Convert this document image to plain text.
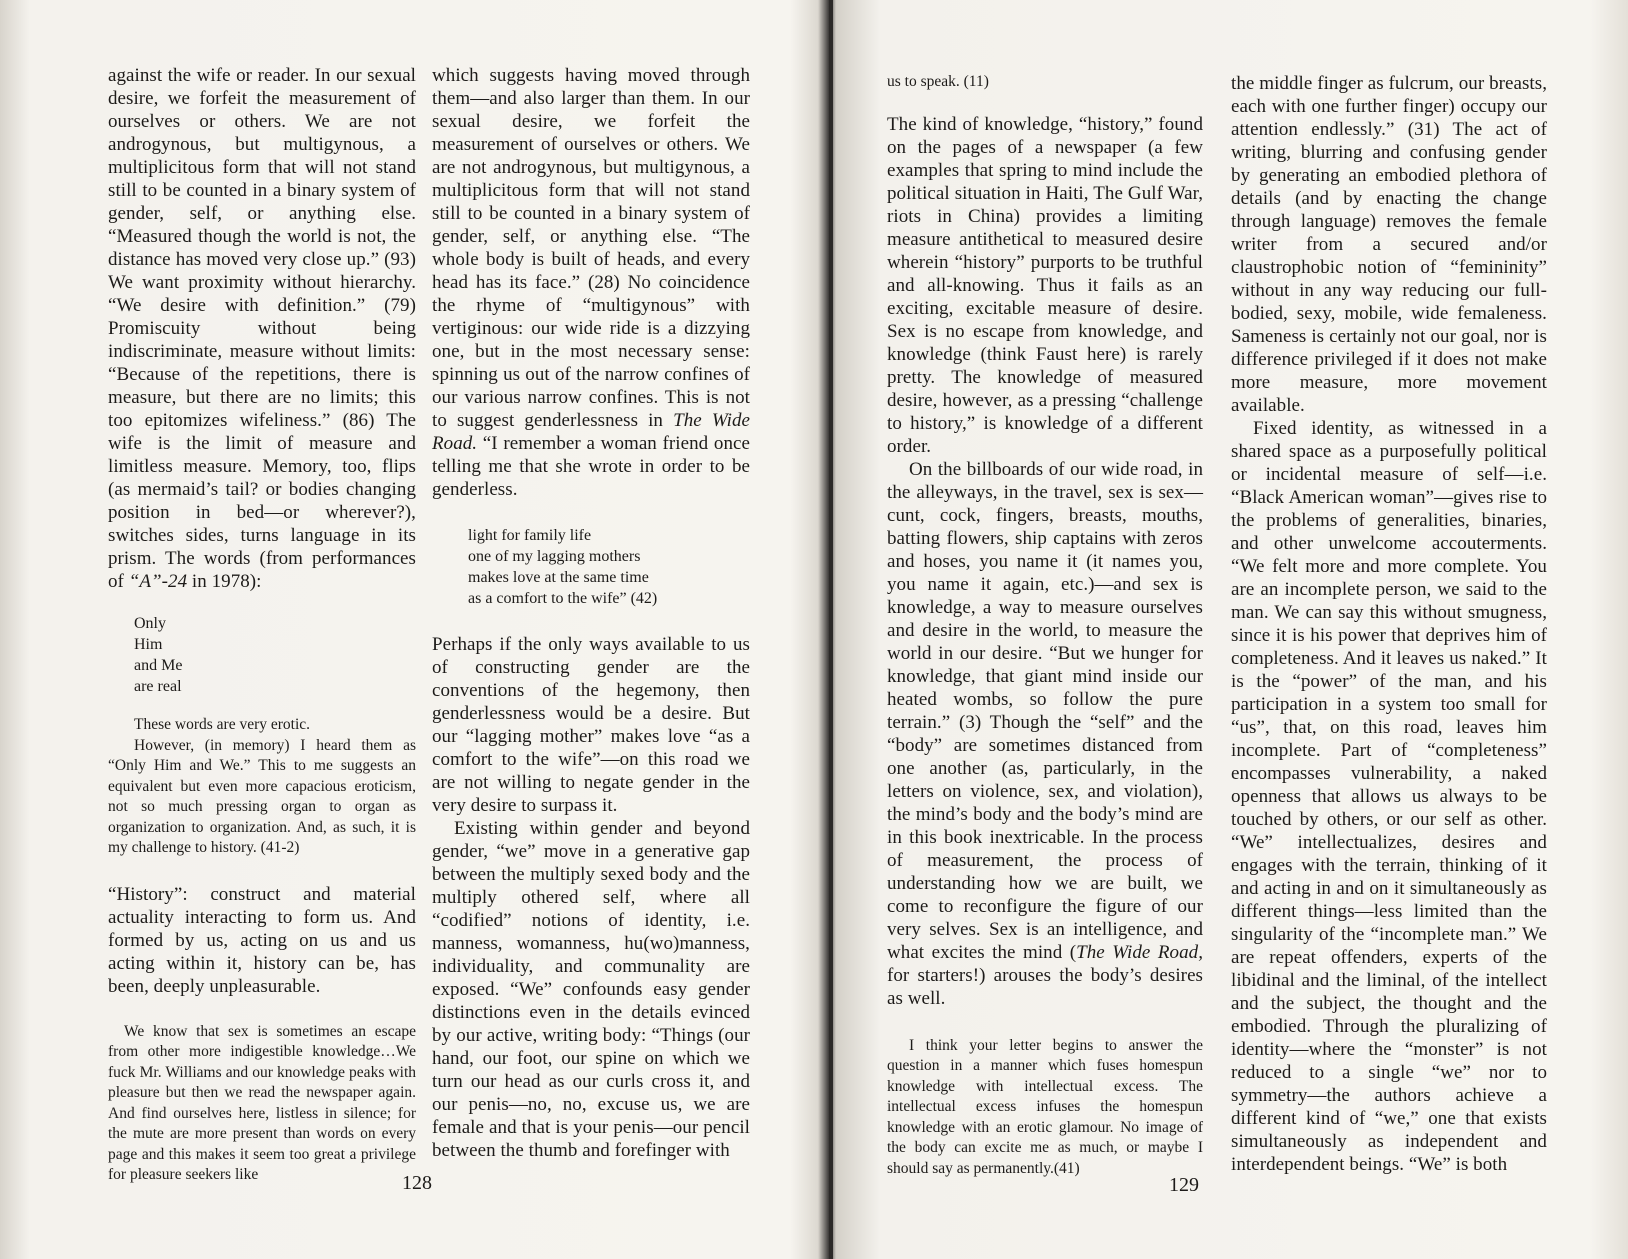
against the wife or reader. In our sexual desire, we forfeit the measurement of ourselves or others. We are not androgynous, but multigynous, a multiplicitous form that will not stand still to be counted in a binary system of gender, self, or anything else. “Measured though the world is not, the distance has moved very close up.” (93) We want proximity without hierarchy. “We desire with definition.” (79) Promiscuity without being indiscriminate, measure without limits: “Because of the repetitions, there is measure, but there are no limits; this too epitomizes wifeliness.” (86) The wife is the limit of measure and limitless measure. Memory, too, flips (as mermaid’s tail? or bodies changing position in bed—or wherever?), switches sides, turns language in its prism. The words (from performances of “A”-24 in 1978):

Only
Him
and Me
are real

These words are very erotic.

However, (in memory) I heard them as “Only Him and We.” This to me suggests an equivalent but even more capacious eroticism, not so much pressing organ to organ as organization to organization. And, as such, it is my challenge to history. (41-2)

“History”: construct and material actuality interacting to form us. And formed by us, acting on us and us acting within it, history can be, has been, deeply unpleasurable.

We know that sex is sometimes an escape from other more indigestible knowledge…We fuck Mr. Williams and our knowledge peaks with pleasure but then we read the newspaper again. And find ourselves here, listless in silence; for the mute are more present than words on every page and this makes it seem too great a privilege for pleasure seekers like

which suggests having moved through them—and also larger than them. In our sexual desire, we forfeit the measurement of ourselves or others. We are not androgynous, but multigynous, a multiplicitous form that will not stand still to be counted in a binary system of gender, self, or anything else. “The whole body is built of heads, and every head has its face.” (28) No coincidence the rhyme of “multigynous” with vertiginous: our wide ride is a dizzying one, but in the most necessary sense: spinning us out of the narrow confines of our various narrow confines. This is not to suggest genderlessness in The Wide Road. “I remember a woman friend once telling me that she wrote in order to be genderless.

light for family life
one of my lagging mothers
makes love at the same time
as a comfort to the wife” (42)

Perhaps if the only ways available to us of constructing gender are the conventions of the hegemony, then genderlessness would be a desire. But our “lagging mother” makes love “as a comfort to the wife”—on this road we are not willing to negate gender in the very desire to surpass it.

Existing within gender and beyond gender, “we” move in a generative gap between the multiply sexed body and the multiply othered self, where all “codified” notions of identity, i.e. manness, womanness, hu(wo)manness, individuality, and communality are exposed. “We” confounds easy gender distinctions even in the details evinced by our active, writing body: “Things (our hand, our foot, our spine on which we turn our head as our curls cross it, and our penis—no, no, excuse us, we are female and that is your penis—our pencil between the thumb and forefinger with

128

us to speak. (11)

The kind of knowledge, “history,” found on the pages of a newspaper (a few examples that spring to mind include the political situation in Haiti, The Gulf War, riots in China) provides a limiting measure antithetical to measured desire wherein “history” purports to be truthful and all-knowing. Thus it fails as an exciting, excitable measure of desire. Sex is no escape from knowledge, and knowledge (think Faust here) is rarely pretty. The knowledge of measured desire, however, as a pressing “challenge to history,” is knowledge of a different order.

On the billboards of our wide road, in the alleyways, in the travel, sex is sex—cunt, cock, fingers, breasts, mouths, batting flowers, ship captains with zeros and hoses, you name it (it names you, you name it again, etc.)—and sex is knowledge, a way to measure ourselves and desire in the world, to measure the world in our desire. “But we hunger for knowledge, that giant mind inside our heated wombs, so follow the pure terrain.” (3) Though the “self” and the “body” are sometimes distanced from one another (as, particularly, in the letters on violence, sex, and violation), the mind’s body and the body’s mind are in this book inextricable. In the process of measurement, the process of understanding how we are built, we come to reconfigure the figure of our very selves. Sex is an intelligence, and what excites the mind (The Wide Road, for starters!) arouses the body’s desires as well.

I think your letter begins to answer the question in a manner which fuses homespun knowledge with intellectual excess. The intellectual excess infuses the homespun knowledge with an erotic glamour. No image of the body can excite me as much, or maybe I should say as permanently.(41)

the middle finger as fulcrum, our breasts, each with one further finger) occupy our attention endlessly.” (31) The act of writing, blurring and confusing gender by generating an embodied plethora of details (and by enacting the change through language) removes the female writer from a secured and/or claustrophobic notion of “femininity” without in any way reducing our full-bodied, sexy, mobile, wide femaleness. Sameness is certainly not our goal, nor is difference privileged if it does not make more measure, more movement available.

Fixed identity, as witnessed in a shared space as a purposefully political or incidental measure of self—i.e. “Black American woman”—gives rise to the problems of generalities, binaries, and other unwelcome accouterments. “We felt more and more complete. You are an incomplete person, we said to the man. We can say this without smugness, since it is his power that deprives him of completeness. And it leaves us naked.” It is the “power” of the man, and his participation in a system too small for “us”, that, on this road, leaves him incomplete. Part of “completeness” encompasses vulnerability, a naked openness that allows us always to be touched by others, or our self as other. “We” intellectualizes, desires and engages with the terrain, thinking of it and acting in and on it simultaneously as different things—less limited than the singularity of the “incomplete man.” We are repeat offenders, experts of the libidinal and the liminal, of the intellect and the subject, the thought and the embodied. Through the pluralizing of identity—where the “monster” is not reduced to a single “we” nor to symmetry—the authors achieve a different kind of “we,” one that exists simultaneously as independent and interdependent beings. “We” is both

129
